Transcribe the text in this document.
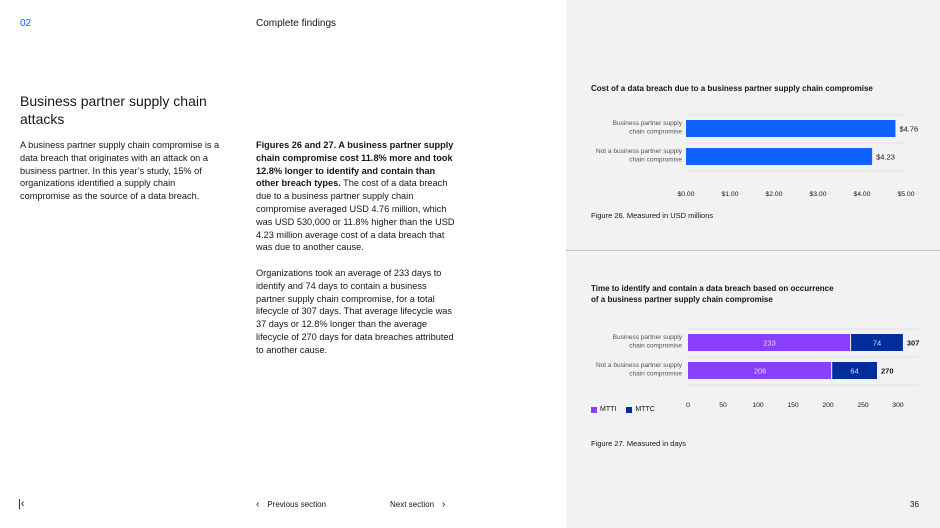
02	Complete findings
Business partner supply chain attacks
A business partner supply chain compromise is a data breach that originates with an attack on a business partner. In this year’s study, 15% of organizations identified a supply chain compromise as the source of a data breach.

Figures 26 and 27. A business partner supply chain compromise cost 11.8% more and took 12.8% longer to identify and contain than other breach types. The cost of a data breach due to a business partner supply chain compromise averaged USD 4.76 million, which was USD 530,000 or 11.8% higher than the USD 4.23 million average cost of a data breach that was due to another cause.

Organizations took an average of 233 days to identify and 74 days to contain a business partner supply chain compromise, for a total lifecycle of 307 days. That average lifecycle was 37 days or 12.8% longer than the average lifecycle of 270 days for data breaches attributed to another cause.

Cost of a data breach due to a business partner supply chain compromise
$4.76
Business partner supply
chain compromise
$4.23
Not a business partner supply
chain compromise
$0.00	$1.00	$2.00	$3.00	$4.00	$5.00
Figure 26. Measured in USD millions
Time to identify and contain a data breach based on occurrence
of a business partner supply chain compromise
233	74	307
Business partner supply
chain compromise
206	64	270
Not a business partner supply
chain compromise
0	50	100	150	200	250	300
MTTI	MTTC
Figure 27. Measured in days
|‹	‹ Previous section	Next section ›	36
